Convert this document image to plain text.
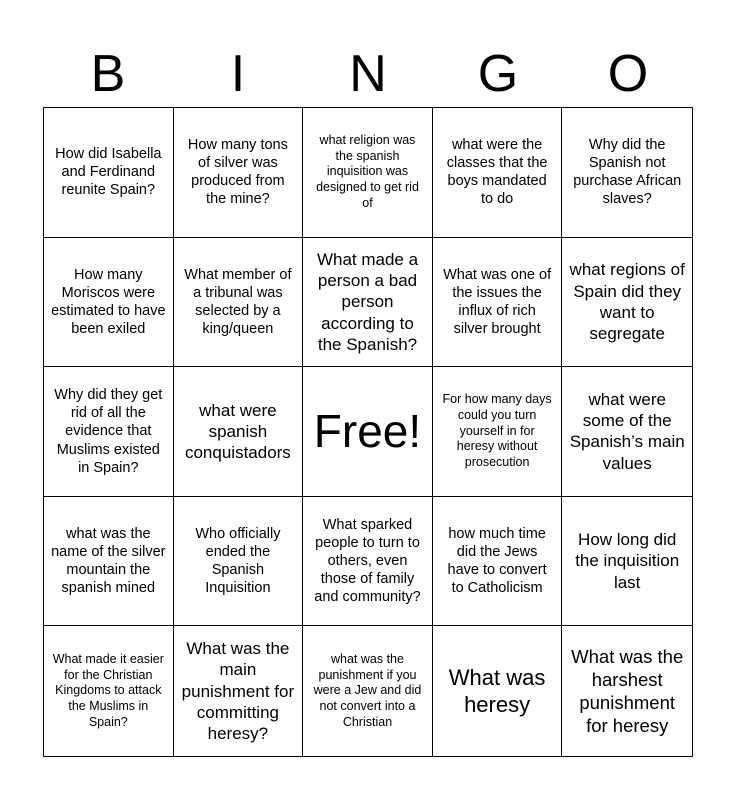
B	I	N	G	O
How did Isabella and Ferdinand reunite Spain?
How many tons of silver was produced from the mine?
what religion was the spanish inquisition was designed to get rid of
what were the classes that the boys mandated to do
Why did the Spanish not purchase African slaves?
How many Moriscos were estimated to have been exiled
What member of a tribunal was selected by a king/queen
What made a person a bad person according to the Spanish?
What was one of the issues the influx of rich silver brought
what regions of Spain did they want to segregate
Why did they get rid of all the evidence that Muslims existed in Spain?
what were spanish conquistadors Free!
For how many days could you turn yourself in for heresy without prosecution
what were some of the Spanish’s main values
what was the name of the silver mountain the spanish mined
Who officially ended the Spanish Inquisition
What sparked people to turn to others, even those of family and community?
how much time did the Jews have to convert to Catholicism
How long did the inquisition last
What made it easier for the Christian Kingdoms to attack the Muslims in Spain?
What was the main punishment for committing heresy?
what was the punishment if you were a Jew and did not convert into a Christian
What was heresy
What was the harshest punishment for heresy
